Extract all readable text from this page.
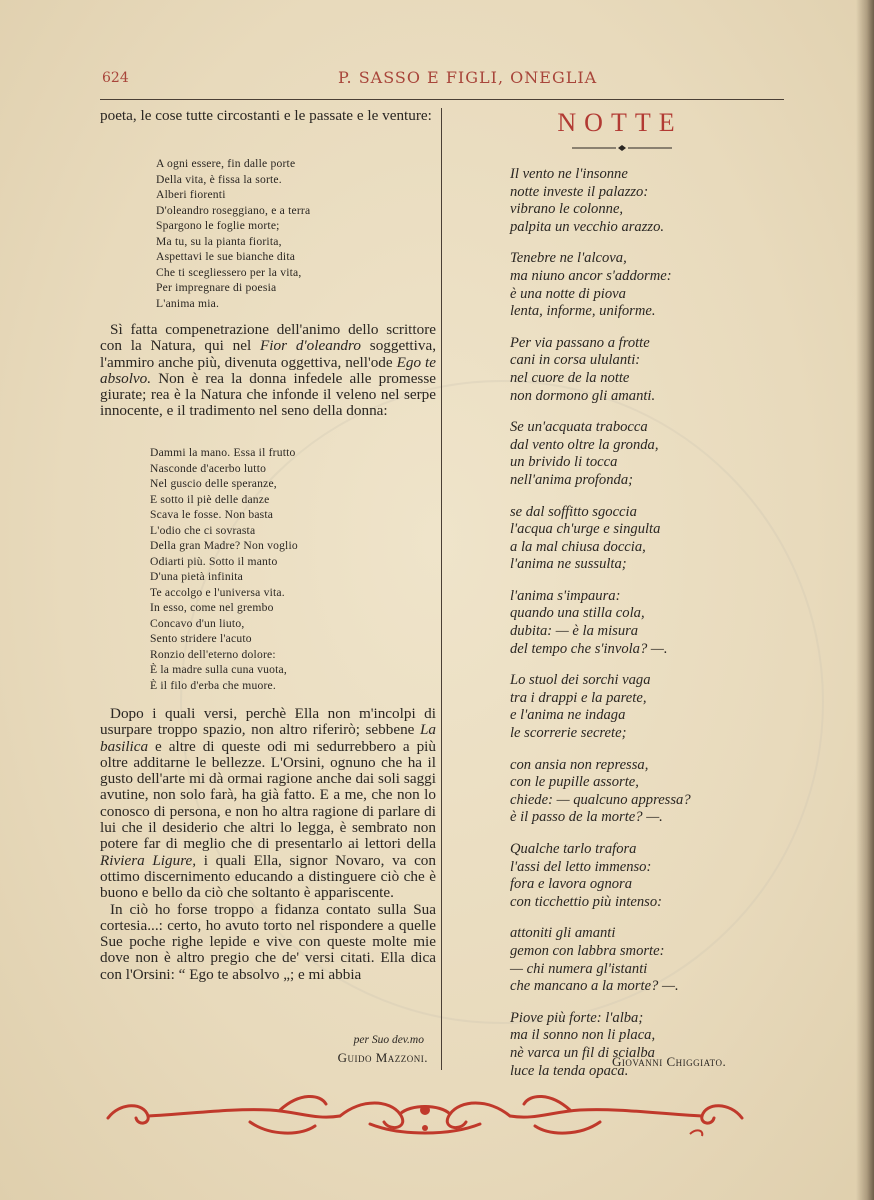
624	P. SASSO E FIGLI, ONEGLIA

poeta, le cose tutte circostanti e le passate e le venture:

A ogni essere, fin dalle porte
Della vita, è fissa la sorte.
Alberi fiorenti
D'oleandro roseggiano, e a terra
Spargono le foglie morte;
Ma tu, su la pianta fiorita,
Aspettavi le sue bianche dita
Che ti scegliessero per la vita,
Per impregnare di poesia
L'anima mia.

Sì fatta compenetrazione dell'animo dello scrittore con la Natura, qui nel Fior d'oleandro soggettiva, l'ammiro anche più, divenuta oggettiva, nell'ode Ego te absolvo. Non è rea la donna infedele alle promesse giurate; rea è la Natura che infonde il veleno nel serpe innocente, e il tradimento nel seno della donna:

Dammi la mano. Essa il frutto
Nasconde d'acerbo lutto
Nel guscio delle speranze,
E sotto il piè delle danze
Scava le fosse. Non basta
L'odio che ci sovrasta
Della gran Madre? Non voglio
Odiarti più. Sotto il manto
D'una pietà infinita
Te accolgo e l'universa vita.
In esso, come nel grembo
Concavo d'un liuto,
Sento stridere l'acuto
Ronzio dell'eterno dolore:
È la madre sulla cuna vuota,
È il filo d'erba che muore.

Dopo i quali versi, perchè Ella non m'incolpi di usurpare troppo spazio, non altro riferirò; sebbene La basilica e altre di queste odi mi sedurrebbero a più oltre additarne le bellezze. L'Orsini, ognuno che ha il gusto dell'arte mi dà ormai ragione anche dai soli saggi avutine, non solo farà, ha già fatto. E a me, che non lo conosco di persona, e non ho altra ragione di parlare di lui che il desiderio che altri lo legga, è sembrato non potere far di meglio che di presentarlo ai lettori della Riviera Ligure, i quali Ella, signor Novaro, va con ottimo discernimento educando a distinguere ciò che è buono e bello da ciò che soltanto è appariscente.

In ciò ho forse troppo a fidanza contato sulla Sua cortesia...: certo, ho avuto torto nel rispondere a quelle Sue poche righe lepide e vive con queste molte mie dove non è altro pregio che de' versi citati. Ella dica con l'Orsini: “ Ego te absolvo „; e mi abbia

per Suo dev.mo
Guido Mazzoni.
NOTTE
Il vento ne l'insonne
notte investe il palazzo:
vibrano le colonne,
palpita un vecchio arazzo.
Tenebre ne l'alcova,
ma niuno ancor s'addorme:
è una notte di piova
lenta, informe, uniforme.
Per via passano a frotte
cani in corsa ululanti:
nel cuore de la notte
non dormono gli amanti.
Se un'acquata trabocca
dal vento oltre la gronda,
un brivido li tocca
nell'anima profonda;
se dal soffitto sgoccia
l'acqua ch'urge e singulta
a la mal chiusa doccia,
l'anima ne sussulta;
l'anima s'impaura:
quando una stilla cola,
dubita: — è la misura
del tempo che s'invola? —.
Lo stuol dei sorchi vaga
tra i drappi e la parete,
e l'anima ne indaga
le scorrerie secrete;
con ansia non repressa,
con le pupille assorte,
chiede: — qualcuno appressa?
è il passo de la morte? —.
Qualche tarlo trafora
l'assi del letto immenso:
fora e lavora ognora
con ticchettio più intenso:
attoniti gli amanti
gemon con labbra smorte:
— chi numera gl'istanti
che mancano a la morte? —.
Piove più forte: l'alba;
ma il sonno non li placa,
nè varca un fil di scialba
luce la tenda opaca.
Giovanni Chiggiato.
